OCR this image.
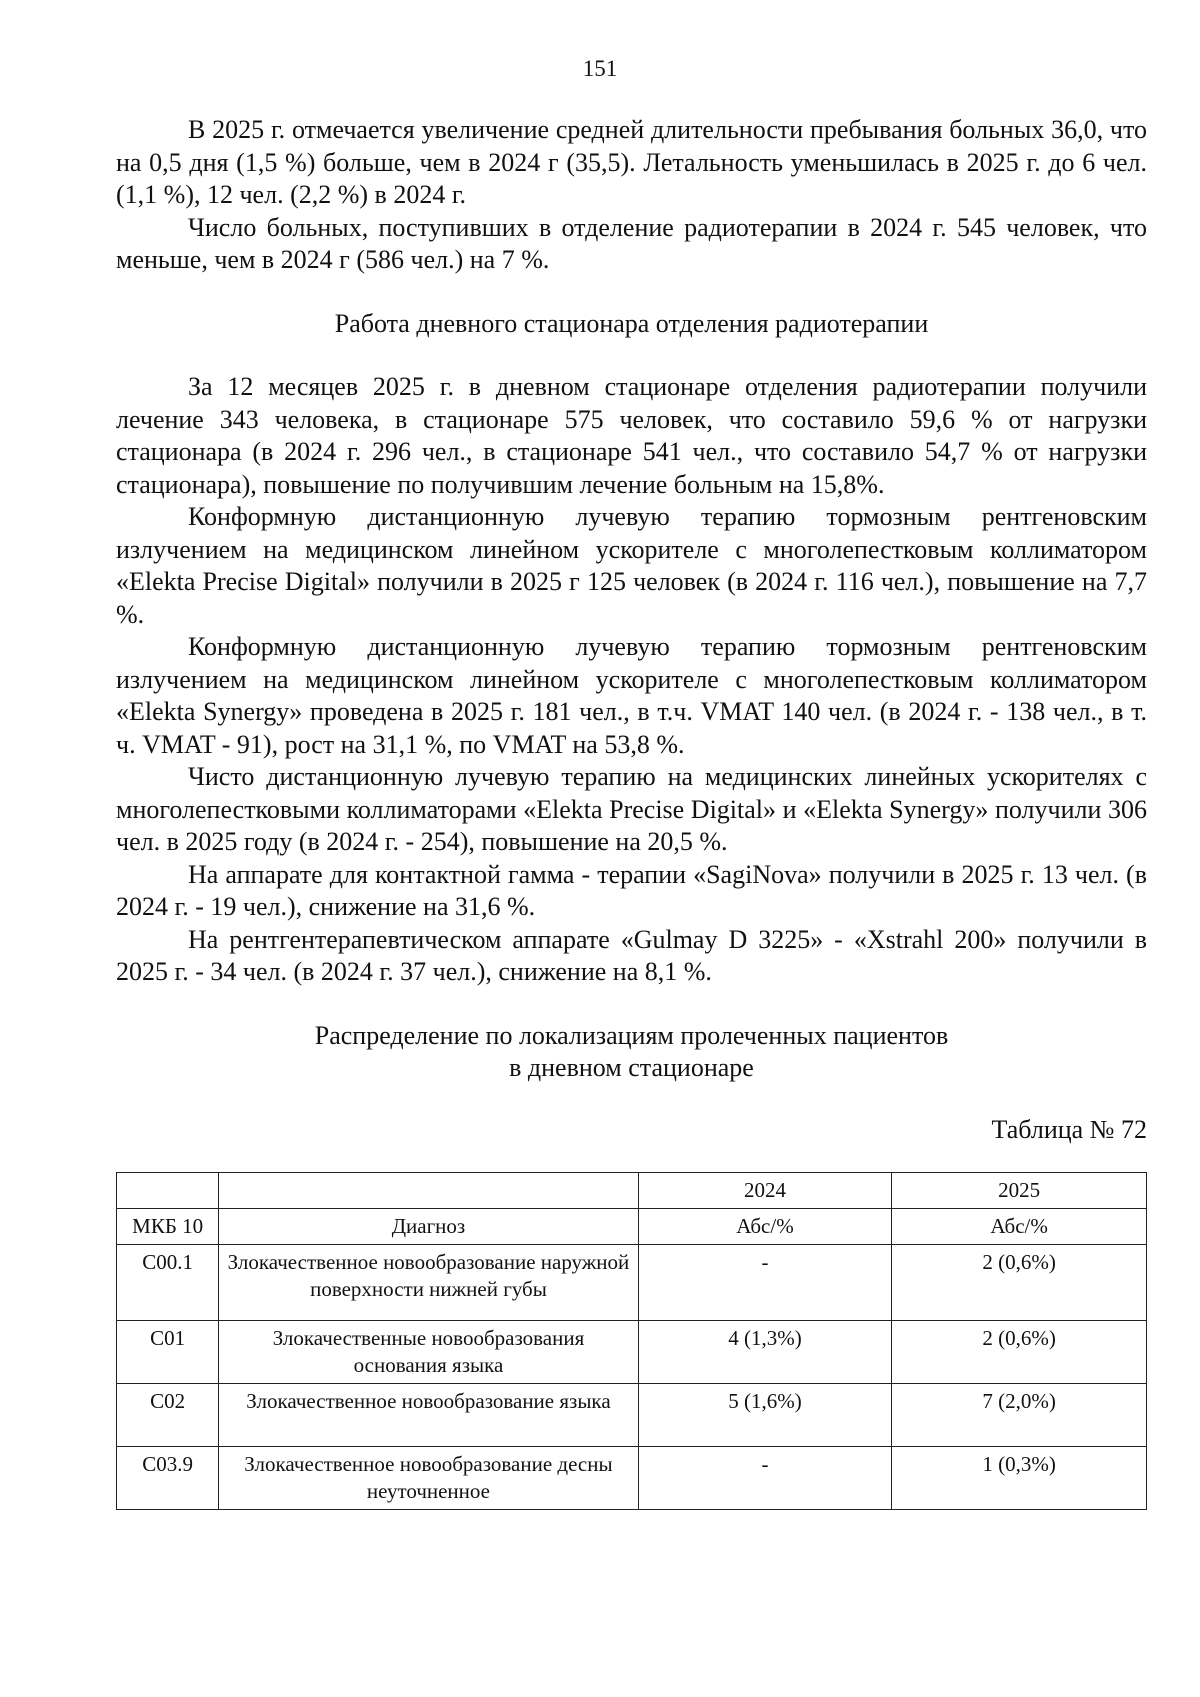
151

В 2025 г. отмечается увеличение средней длительности пребывания больных 36,0, что на 0,5 дня (1,5 %) больше, чем в 2024 г (35,5). Летальность уменьшилась в 2025 г. до 6 чел. (1,1 %), 12 чел. (2,2 %) в 2024 г.

Число больных, поступивших в отделение радиотерапии в 2024 г. 545 человек, что меньше, чем в 2024 г (586 чел.) на 7 %.

Работа дневного стационара отделения радиотерапии

За 12 месяцев 2025 г. в дневном стационаре отделения радиотерапии получили лечение 343 человека, в стационаре 575 человек, что составило 59,6 % от нагрузки стационара (в 2024 г. 296 чел., в стационаре 541 чел., что составило 54,7 % от нагрузки стационара), повышение по получившим лечение больным на 15,8%.

Конформную дистанционную лучевую терапию тормозным рентгеновским излучением на медицинском линейном ускорителе с многолепестковым коллиматором «Elekta Precise Digital» получили в 2025 г 125 человек (в 2024 г. 116 чел.), повышение на 7,7 %.

Конформную дистанционную лучевую терапию тормозным рентгеновским излучением на медицинском линейном ускорителе с многолепестковым коллиматором «Elekta Synergy» проведена в 2025 г. 181 чел., в т.ч. VMAT 140 чел. (в 2024 г. - 138 чел., в т. ч. VMAT - 91), рост на 31,1 %, по VMAT на 53,8 %.

Чисто дистанционную лучевую терапию на медицинских линейных ускорителях с многолепестковыми коллиматорами «Elekta Precise Digital» и «Elekta Synergy» получили 306 чел. в 2025 году (в 2024 г. - 254), повышение на 20,5 %.

На аппарате для контактной гамма - терапии «SagiNova» получили в 2025 г. 13 чел. (в 2024 г. - 19 чел.), снижение на 31,6 %.

На рентгентерапевтическом аппарате «Gulmay D 3225» - «Xstrahl 200» получили в 2025 г. - 34 чел. (в 2024 г. 37 чел.), снижение на 8,1 %.

Распределение по локализациям пролеченных пациентов

в дневном стационаре

Таблица № 72

		2024	2025
МКБ 10	Диагноз	Абс/%	Абс/%
С00.1	Злокачественное новообразование наружной поверхности нижней губы	-	2 (0,6%)
С01	Злокачественные новообразования основания языка	4 (1,3%)	2 (0,6%)
С02	Злокачественное новообразование языка	5 (1,6%)	7 (2,0%)
С03.9	Злокачественное новообразование десны неуточненное	-	1 (0,3%)
